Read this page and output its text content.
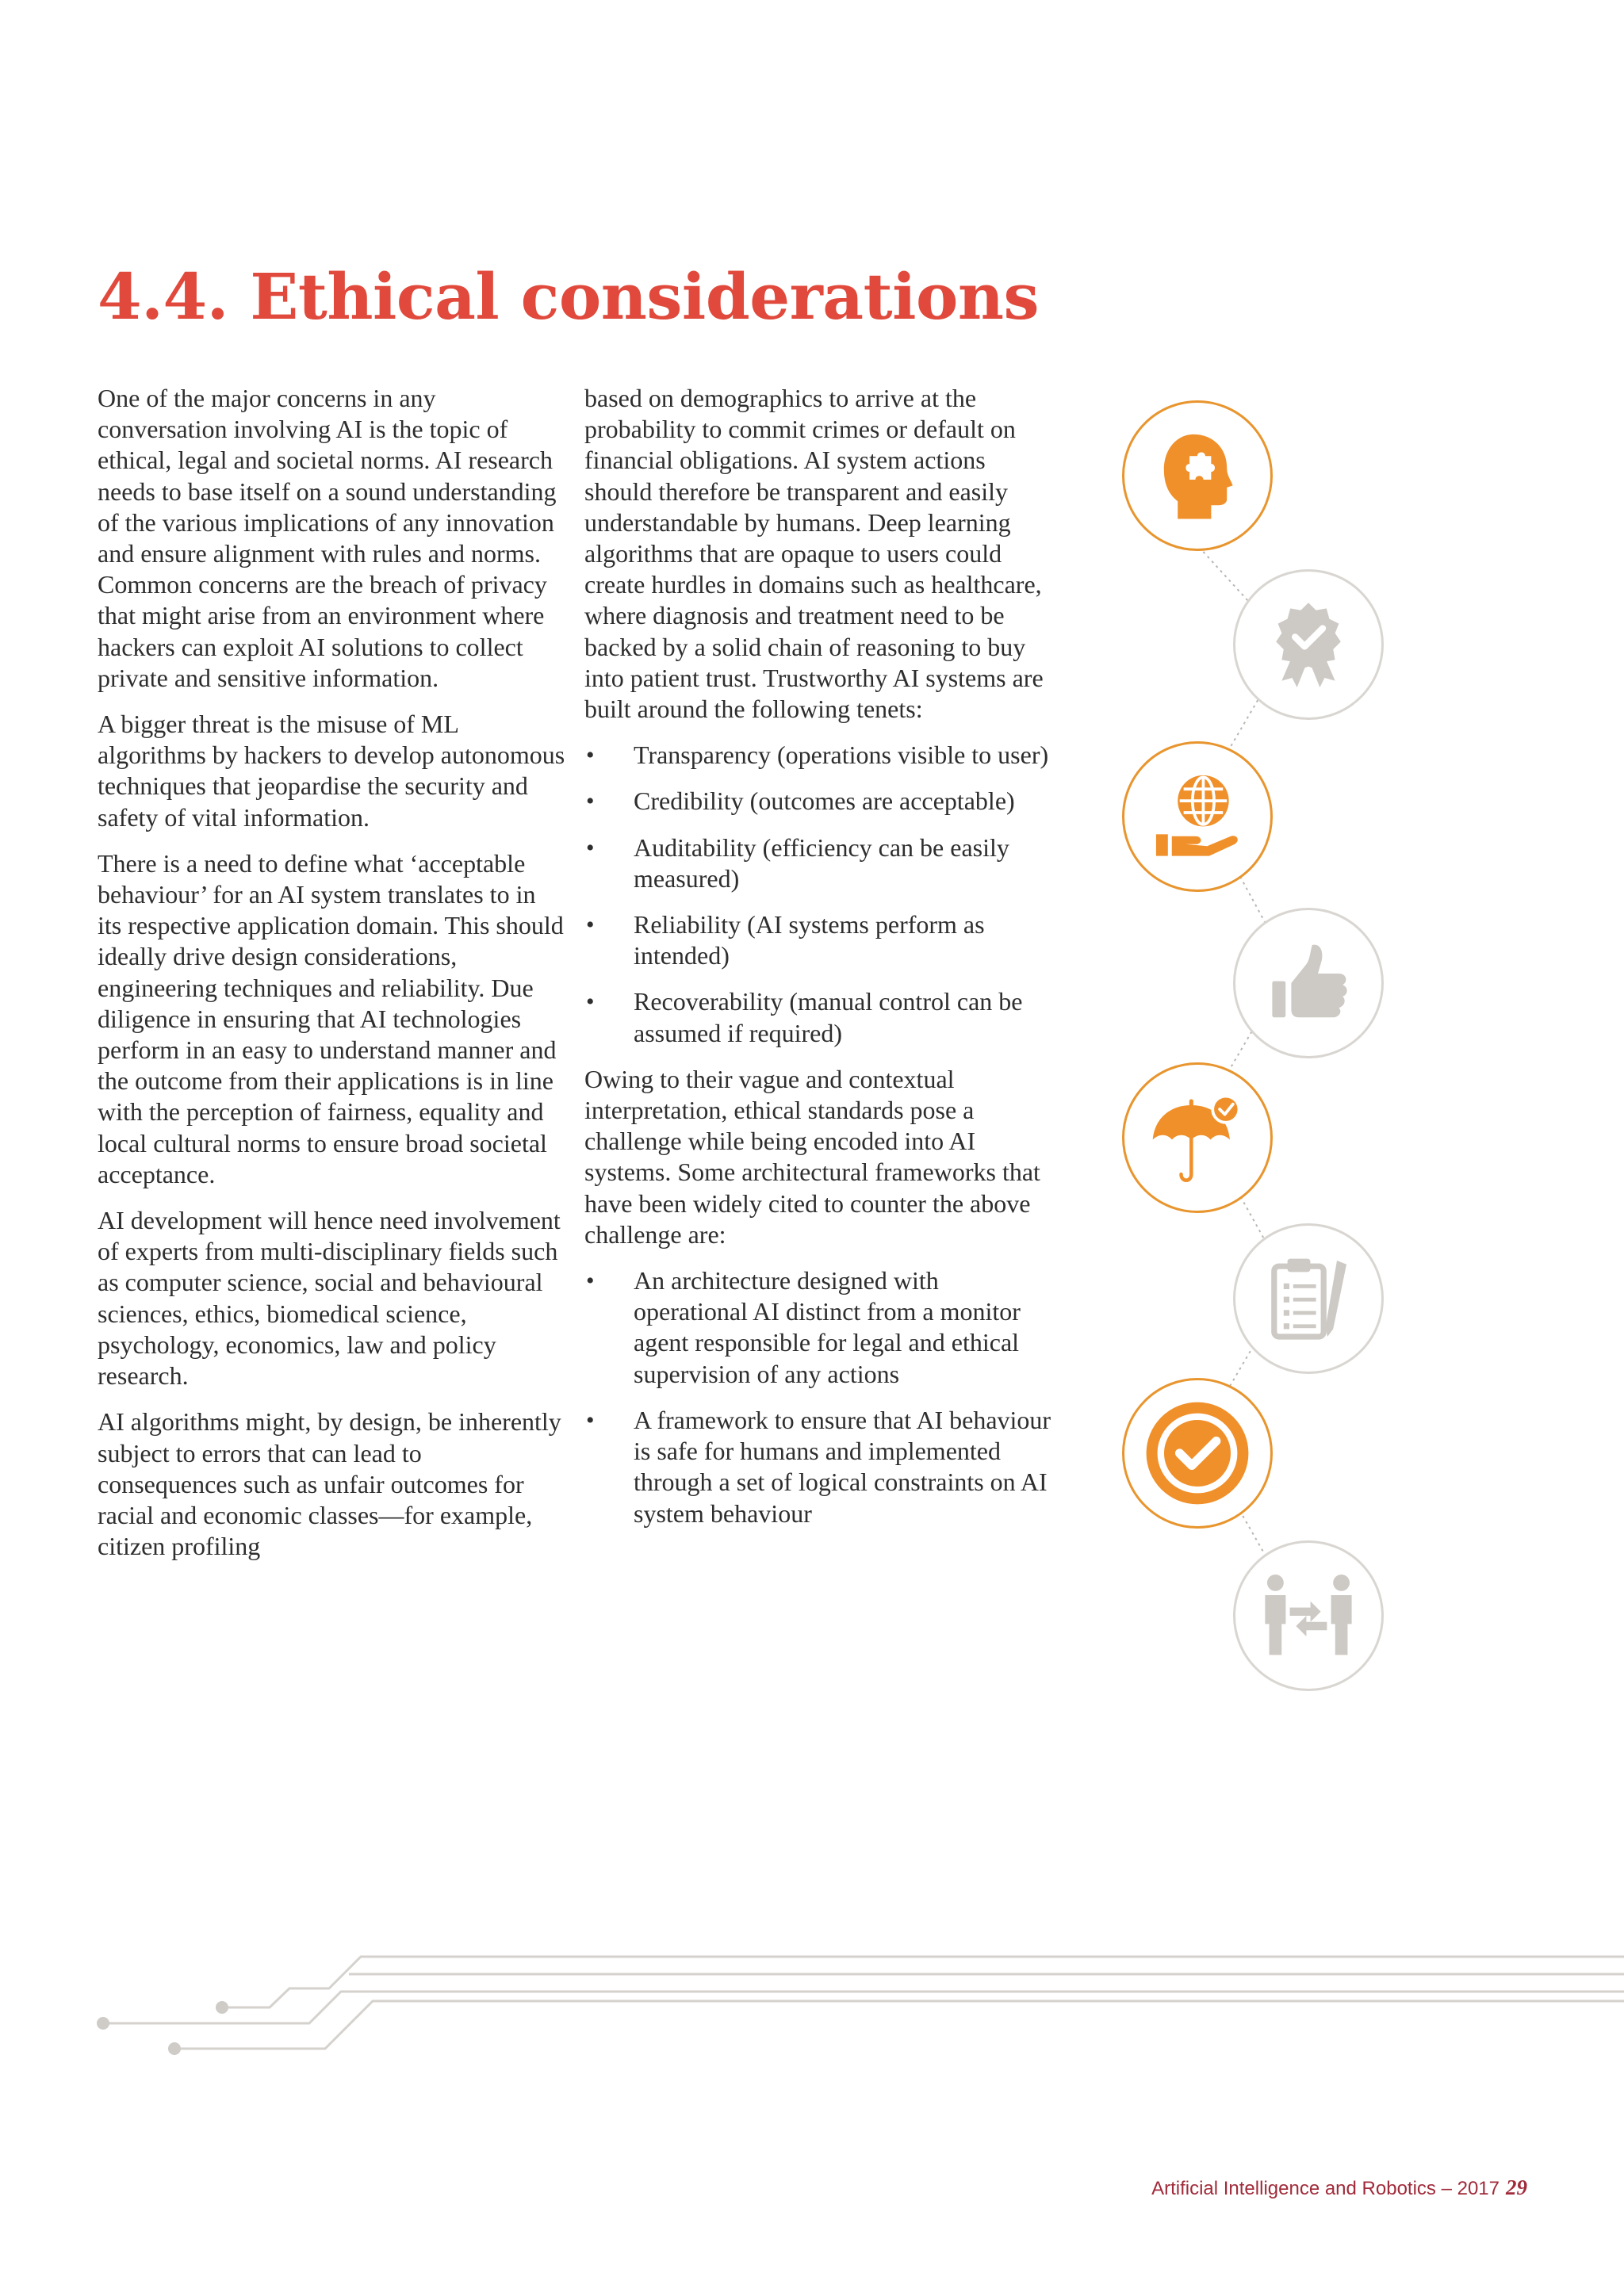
4.4. Ethical considerations

One of the major concerns in any conversation involving AI is the topic of ethical, legal and societal norms. AI research needs to base itself on a sound understanding of the various implications of any innovation and ensure alignment with rules and norms. Common concerns are the breach of privacy that might arise from an environment where hackers can exploit AI solutions to collect private and sensitive information.

A bigger threat is the misuse of ML algorithms by hackers to develop autonomous techniques that jeopardise the security and safety of vital information.

There is a need to define what ‘acceptable behaviour’ for an AI system translates to in its respective application domain. This should ideally drive design considerations, engineering techniques and reliability. Due diligence in ensuring that AI technologies perform in an easy to understand manner and the outcome from their applications is in line with the perception of fairness, equality and local cultural norms to ensure broad societal acceptance.

AI development will hence need involvement of experts from multi-disciplinary fields such as computer science, social and behavioural sciences, ethics, biomedical science, psychology, economics, law and policy research.

AI algorithms might, by design, be inherently subject to errors that can lead to consequences such as unfair outcomes for racial and economic classes—for example, citizen profiling

based on demographics to arrive at the probability to commit crimes or default on financial obligations. AI system actions should therefore be transparent and easily understandable by humans. Deep learning algorithms that are opaque to users could create hurdles in domains such as healthcare, where diagnosis and treatment need to be backed by a solid chain of reasoning to buy into patient trust. Trustworthy AI systems are built around the following tenets:

• Transparency (operations visible to user)
• Credibility (outcomes are acceptable)
• Auditability (efficiency can be easily measured)
• Reliability (AI systems perform as intended)
• Recoverability (manual control can be assumed if required)

Owing to their vague and contextual interpretation, ethical standards pose a challenge while being encoded into AI systems. Some architectural frameworks that have been widely cited to counter the above challenge are:

• An architecture designed with operational AI distinct from a monitor agent responsible for legal and ethical supervision of any actions
• A framework to ensure that AI behaviour is safe for humans and implemented through a set of logical constraints on AI system behaviour
Artificial Intelligence and Robotics – 2017 29
